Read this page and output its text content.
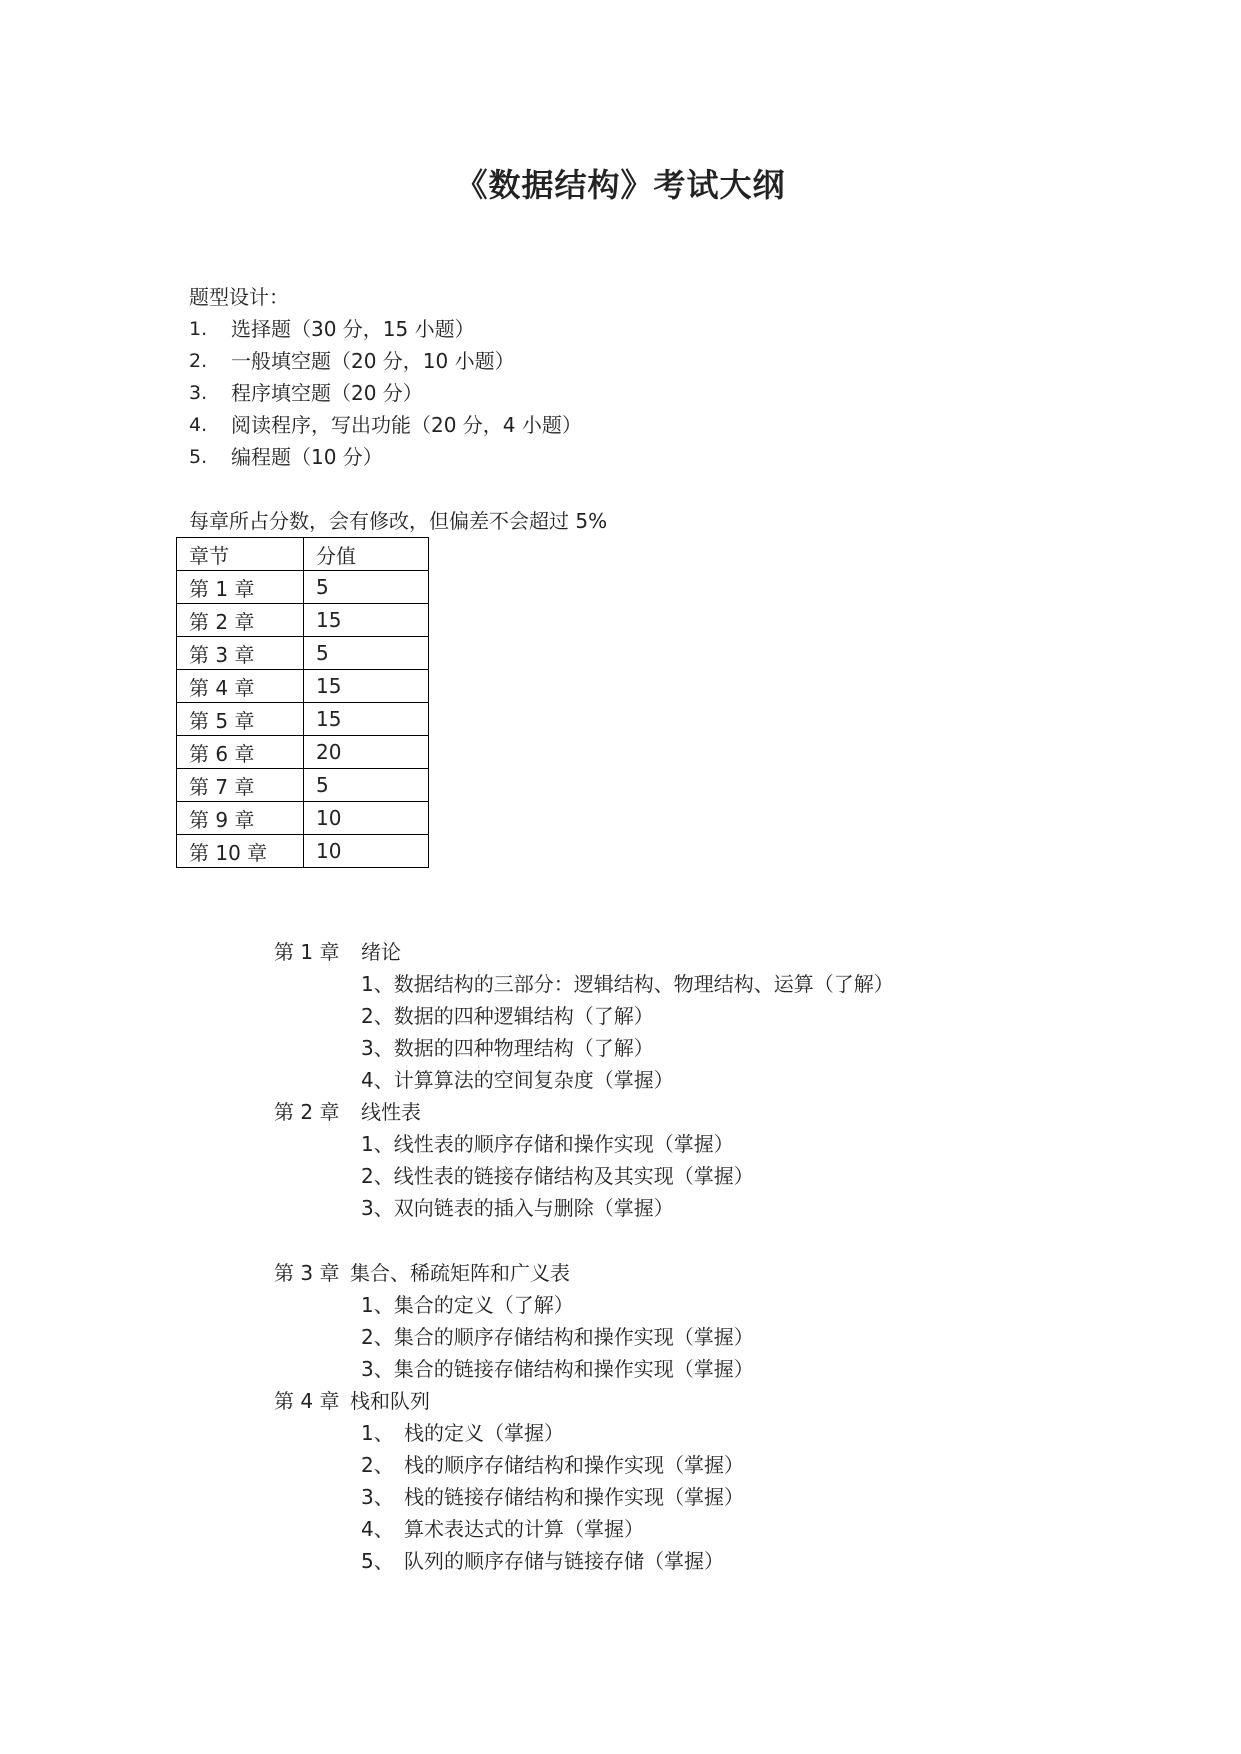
《数据结构》考试大纲
题型设计：
1. 选择题（30 分，15 小题）
2. 一般填空题（20 分，10 小题）
3. 程序填空题（20 分）
4. 阅读程序，写出功能（20 分，4 小题）
5. 编程题（10 分）
每章所占分数，会有修改，但偏差不会超过 5%
章节	分值
第 1 章	5
第 2 章	15
第 3 章	5
第 4 章	15
第 5 章	15
第 6 章	20
第 7 章	5
第 9 章	10
第 10 章	10
第 1 章 绪论
1、数据结构的三部分：逻辑结构、物理结构、运算（了解）
2、数据的四种逻辑结构（了解）
3、数据的四种物理结构（了解）
4、计算算法的空间复杂度（掌握）
第 2 章 线性表
1、线性表的顺序存储和操作实现（掌握）
2、线性表的链接存储结构及其实现（掌握）
3、双向链表的插入与删除（掌握）
第 3 章 集合、稀疏矩阵和广义表
1、集合的定义（了解）
2、集合的顺序存储结构和操作实现（掌握）
3、集合的链接存储结构和操作实现（掌握）
第 4 章 栈和队列
1、 栈的定义（掌握）
2、 栈的顺序存储结构和操作实现（掌握）
3、 栈的链接存储结构和操作实现（掌握）
4、 算术表达式的计算（掌握）
5、 队列的顺序存储与链接存储（掌握）
